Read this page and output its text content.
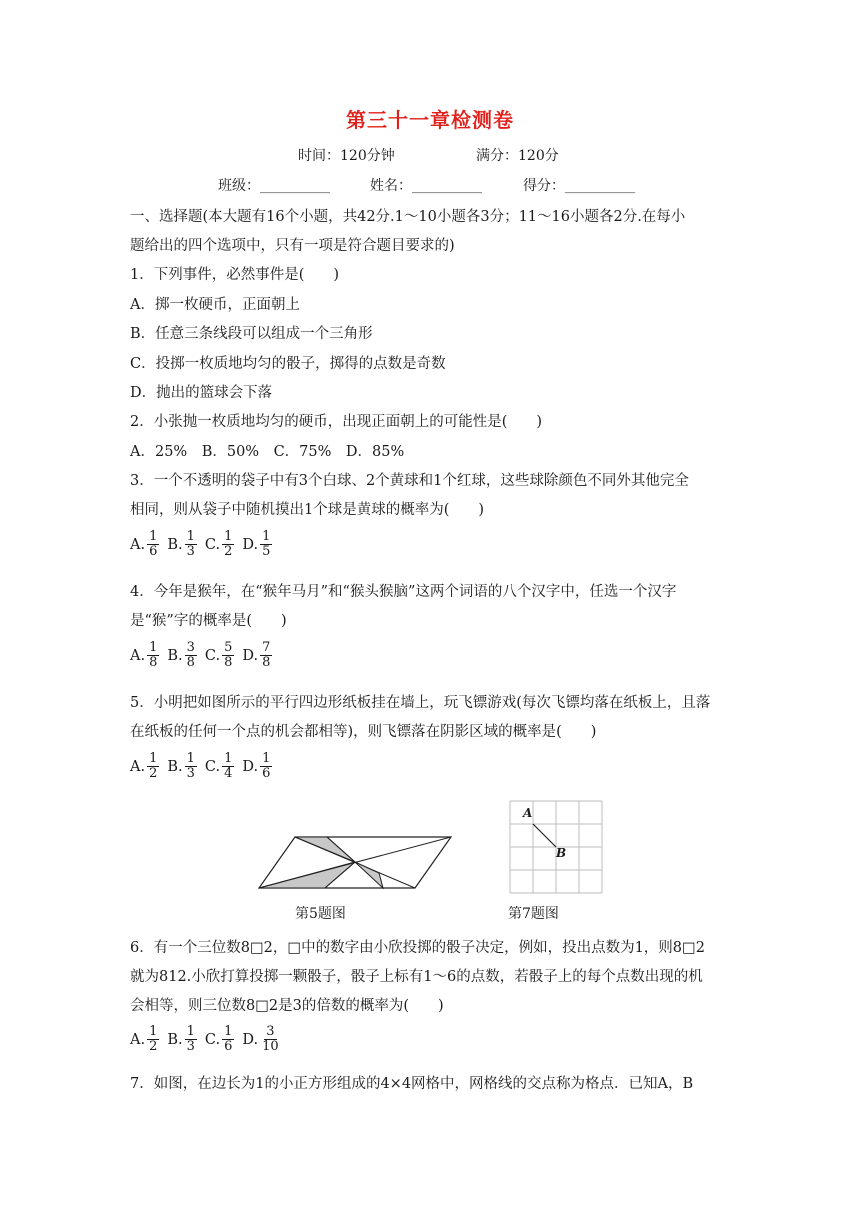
第三十一章检测卷
时间：120分钟	满分：120分
班级：__________	姓名：__________	得分：__________
一、选择题(本大题有16个小题，共42分.1～10小题各3分；11～16小题各2分.在每小
题给出的四个选项中，只有一项是符合题目要求的)
1．下列事件，必然事件是(　　)
A．掷一枚硬币，正面朝上
B．任意三条线段可以组成一个三角形
C．投掷一枚质地均匀的骰子，掷得的点数是奇数
D．抛出的篮球会下落
2．小张抛一枚质地均匀的硬币，出现正面朝上的可能性是(　　)
A．25%　B．50%　C．75%　D．85%
3．一个不透明的袋子中有3个白球、2个黄球和1个红球，这些球除颜色不同外其他完全
相同，则从袋子中随机摸出1个球是黄球的概率为(　　)
A. $\frac{1}{6} B$. $\frac{1}{3} C$. $\frac{1}{2} D$. $\frac{1}{5}$
4．今年是猴年，在“猴年马月”和“猴头猴脑”这两个词语的八个汉字中，任选一个汉字
是“猴”字的概率是(　　)
A. $\frac{1}{8} B$. $\frac{3}{8} C$. $\frac{5}{8} D$. $\frac{7}{8}$
5．小明把如图所示的平行四边形纸板挂在墙上，玩飞镖游戏(每次飞镖均落在纸板上，且落
在纸板的任何一个点的机会都相等)，则飞镖落在阴影区域的概率是(　　)
A. $\frac{1}{2} B$. $\frac{1}{3} C$. $\frac{1}{4} D$. $\frac{1}{6}$
第5题图
A
B
第7题图
6．有一个三位数8□2，□中的数字由小欣投掷的骰子决定，例如，投出点数为1，则8□2
就为812.小欣打算投掷一颗骰子，骰子上标有1～6的点数，若骰子上的每个点数出现的机
会相等，则三位数8□2是3的倍数的概率为(　　)
A. $\frac{1}{2} B$. $\frac{1}{3} C$. $\frac{1}{6} D$. $\frac{3}{10}$
7．如图，在边长为1的小正方形组成的4×4网格中，网格线的交点称为格点．已知A，B
